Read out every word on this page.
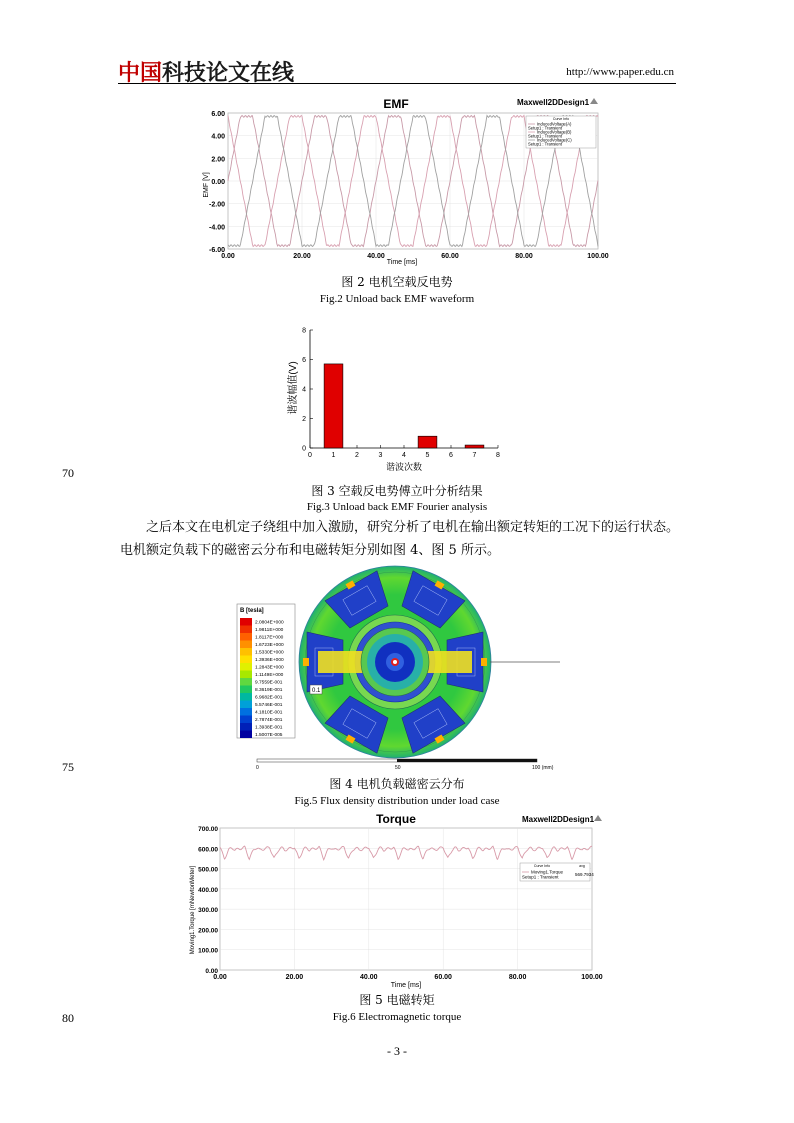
中国科技论文在线	http://www.paper.edu.cn
EMF	Maxwell2DDesign1
6.00
4.00
2.00
0.00
-2.00
-4.00
-6.00
0.00	20.00	40.00	60.00	80.00	100.00
Curve Info
InducedVoltage(A)
Setup1 : Transient
InducedVoltage(B)
Setup1 : Transient
InducedVoltage(C)
Setup1 : Transient
EMF [V]
Time [ms]
图 2 电机空载反电势
Fig.2 Unload back EMF waveform
0
2
4
6
8
0	1	2	3	4	5	6	7	8
谐波幅值(V)
谐波次数
70
图 3 空载反电势傅立叶分析结果
Fig.3 Unload back EMF Fourier analysis
之后本文在电机定子绕组中加入激励，研究分析了电机在输出额定转矩的工况下的运行状态。电机额定负载下的磁密云分布和电磁转矩分别如图 4、图 5 所示。
B [tesla]
2.0804E+000
1.9811E+000
1.8117E+000
1.6723E+000
1.5330E+000
1.3936E+000
1.2843E+000
1.1149E+000
9.7559E-001
8.3619E-001
6.9682E-001
5.5746E-001
4.1810E-001
2.7874E-001
1.3938E-001
1.5007E-005
0.1
0	50	100 (mm)
75
图 4 电机负载磁密云分布
Fig.5 Flux density distribution under load case
Torque	Maxwell2DDesign1
700.00
600.00
500.00
400.00
300.00
200.00
100.00
0.00
0.00	20.00	40.00	60.00	80.00	100.00
Curve Info	avg
Moving1.Torque
Setup1 : Transient	569.7934
Moving1.Torque [mNewtonMeter]
Time [ms]
图 5 电磁转矩
80	Fig.6 Electromagnetic torque
- 3 -
